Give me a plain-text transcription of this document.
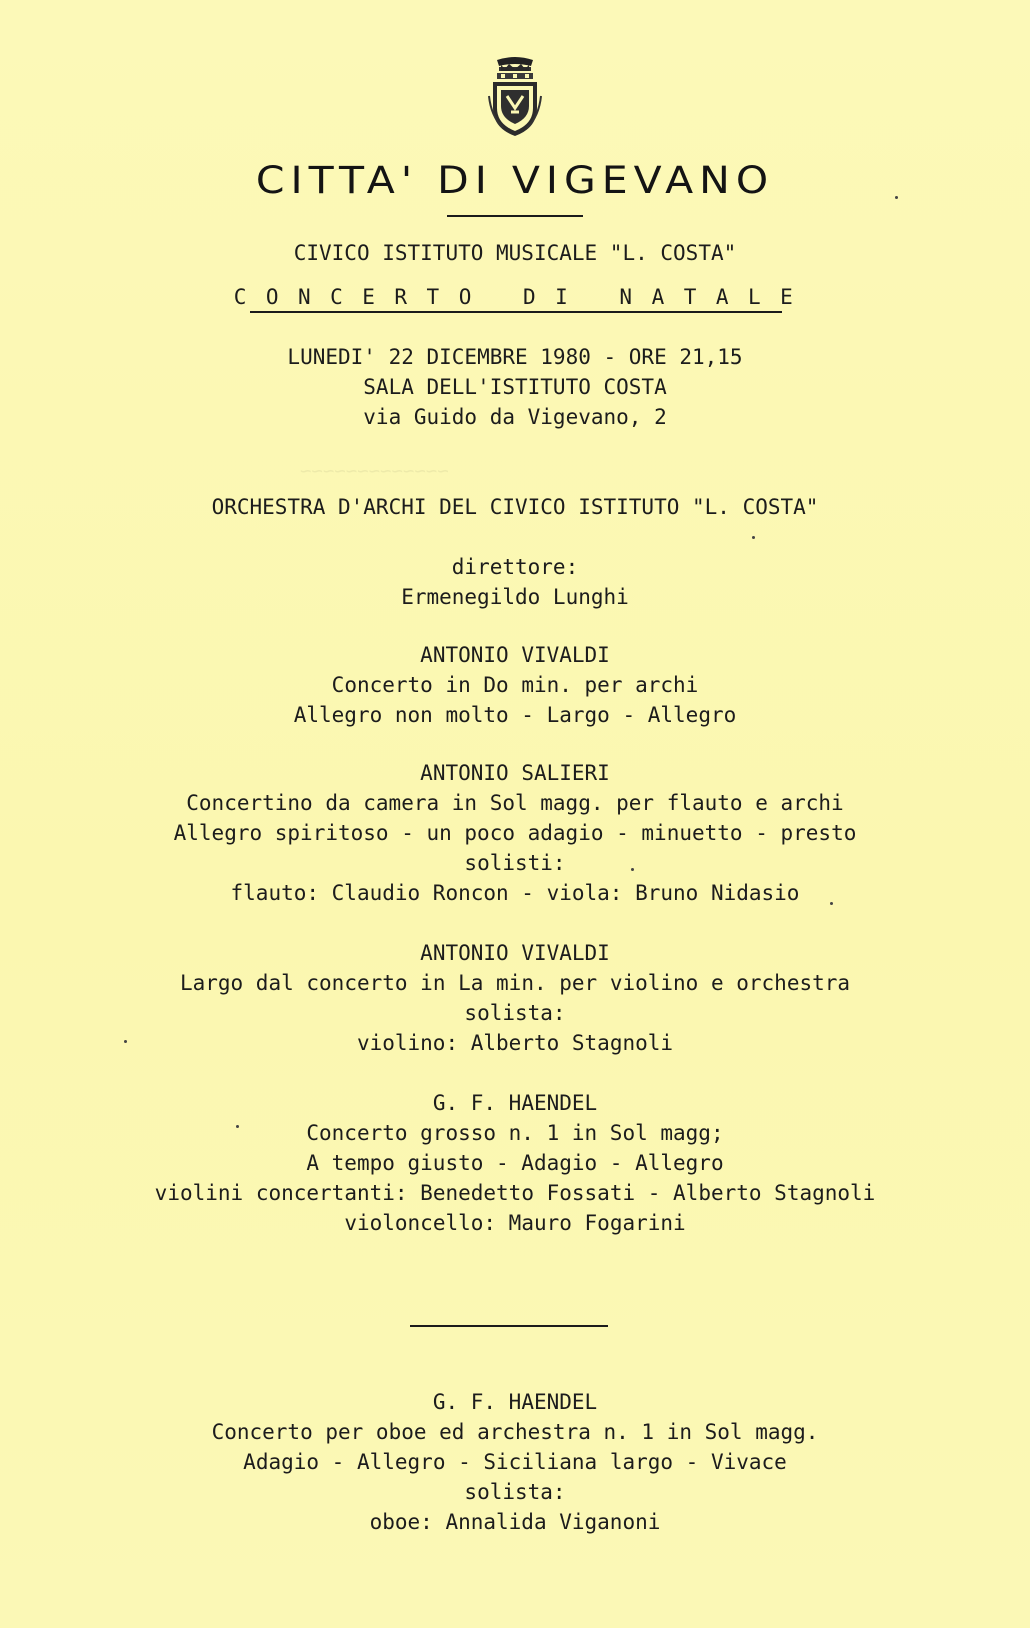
~~~~~~~~~~~~~
CITTA' DI VIGEVANO
CIVICO ISTITUTO MUSICALE "L. COSTA"
CONCERTO DI NATALE
LUNEDI' 22 DICEMBRE 1980 - ORE 21,15
SALA DELL'ISTITUTO COSTA
via Guido da Vigevano, 2
ORCHESTRA D'ARCHI DEL CIVICO ISTITUTO "L. COSTA"
direttore:
Ermenegildo Lunghi
ANTONIO VIVALDI
Concerto in Do min. per archi
Allegro non molto - Largo - Allegro
ANTONIO SALIERI
Concertino da camera in Sol magg. per flauto e archi
Allegro spiritoso - un poco adagio - minuetto - presto
solisti:
flauto: Claudio Roncon - viola: Bruno Nidasio
ANTONIO VIVALDI
Largo dal concerto in La min. per violino e orchestra
solista:
violino: Alberto Stagnoli
G. F. HAENDEL
Concerto grosso n. 1 in Sol magg;
A tempo giusto - Adagio - Allegro
violini concertanti: Benedetto Fossati - Alberto Stagnoli
violoncello: Mauro Fogarini
G. F. HAENDEL
Concerto per oboe ed archestra n. 1 in Sol magg.
Adagio - Allegro - Siciliana largo - Vivace
solista:
oboe: Annalida Viganoni
